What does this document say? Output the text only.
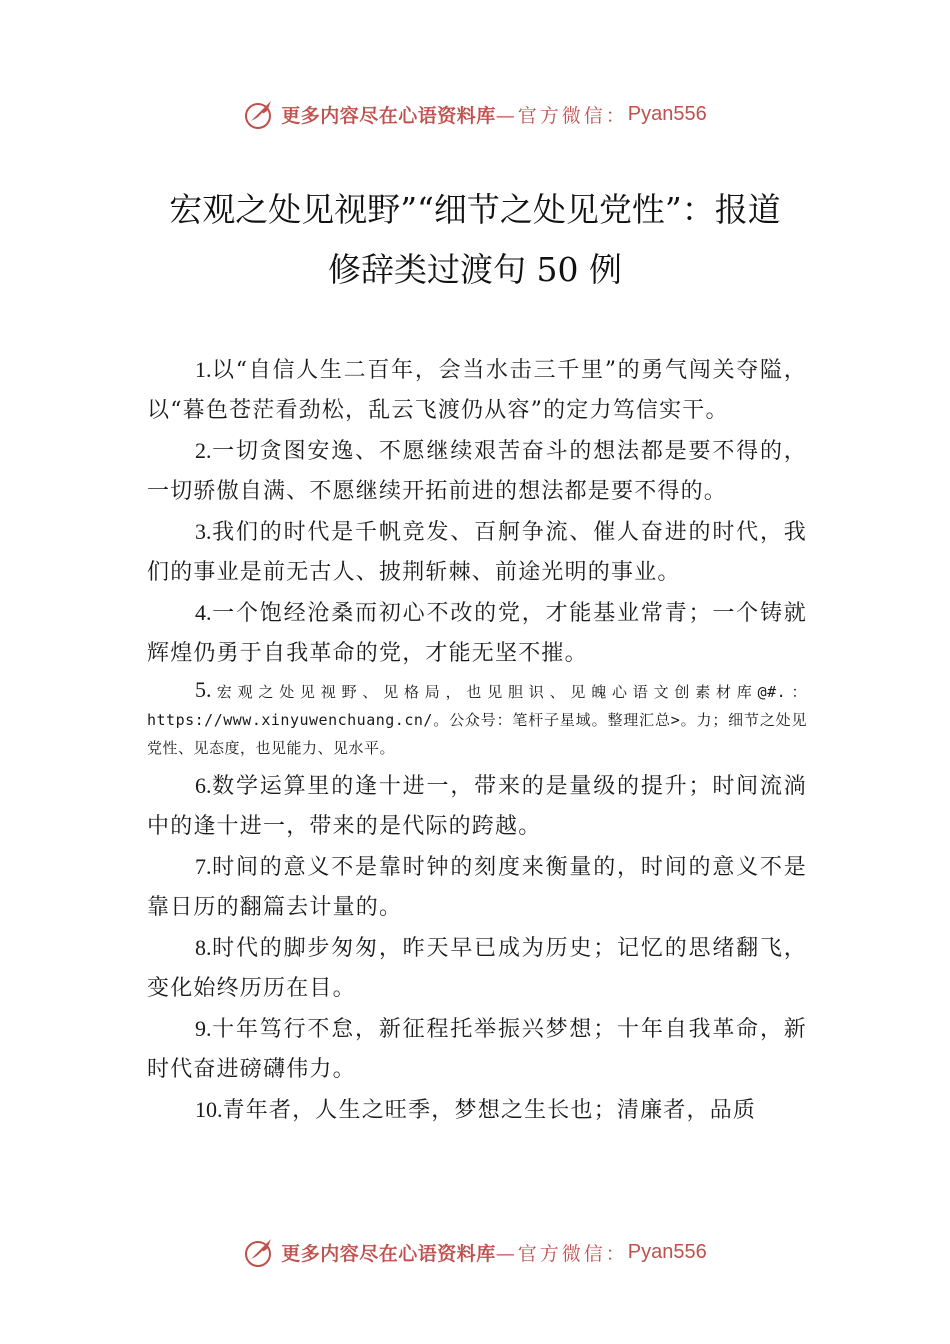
更多内容尽在心语资料库 —官方微信： Pyan556
宏观之处见视野”“细节之处见党性”：报道
修辞类过渡句 50 例

1.以“自信人生二百年，会当水击三千里”的勇气闯关夺隘，以“暮色苍茫看劲松，乱云飞渡仍从容”的定力笃信实干。

2.一切贪图安逸、不愿继续艰苦奋斗的想法都是要不得的，一切骄傲自满、不愿继续开拓前进的想法都是要不得的。

3.我们的时代是千帆竞发、百舸争流、催人奋进的时代，我们的事业是前无古人、披荆斩棘、前途光明的事业。

4.一个饱经沧桑而初心不改的党，才能基业常青；一个铸就辉煌仍勇于自我革命的党，才能无坚不摧。

5.宏观之处见视野、见格局，也见胆识、见魄心语文创素材库@#.：https://www.xinyuwenchuang.cn/。公众号：笔杆子星域。整理汇总>。力；细节之处见党性、见态度，也见能力、见水平。

6.数学运算里的逢十进一，带来的是量级的提升；时间流淌中的逢十进一，带来的是代际的跨越。

7.时间的意义不是靠时钟的刻度来衡量的，时间的意义不是靠日历的翻篇去计量的。

8.时代的脚步匆匆，昨天早已成为历史；记忆的思绪翻飞，变化始终历历在目。

9.十年笃行不怠，新征程托举振兴梦想；十年自我革命，新时代奋进磅礴伟力。

10.青年者，人生之旺季，梦想之生长也；清廉者，品质

更多内容尽在心语资料库 —官方微信： Pyan556
